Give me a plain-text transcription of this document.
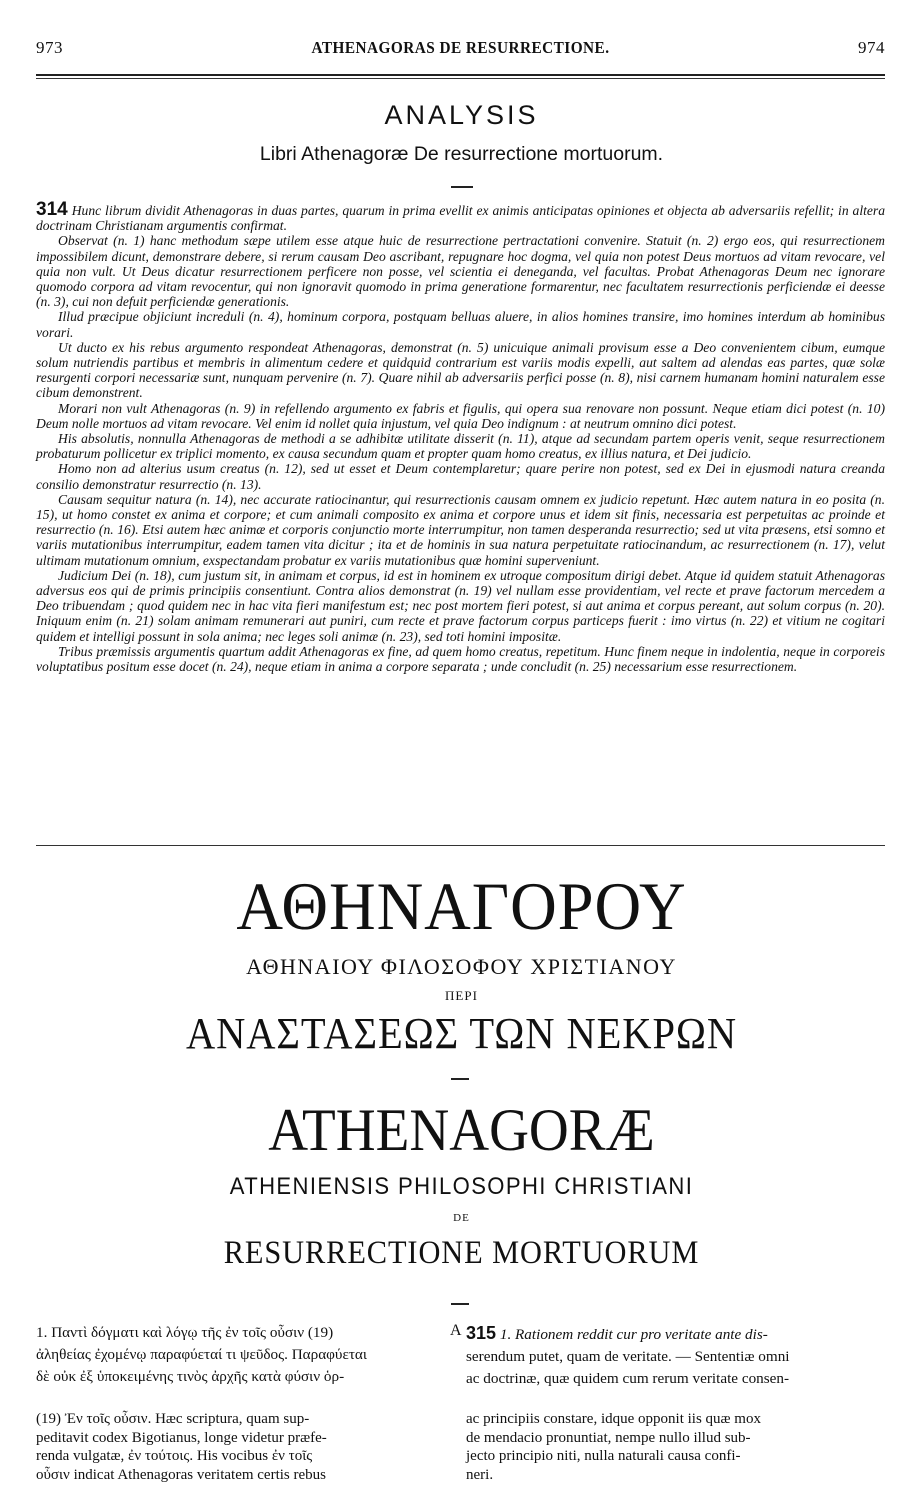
973	ATHENAGORAS DE RESURRECTIONE.	974
ANALYSIS
Libri Athenagoræ De resurrectione mortuorum.

314 Hunc librum dividit Athenagoras in duas partes, quarum in prima evellit ex animis anticipatas opiniones et objecta ab adversariis refellit; in altera doctrinam Christianam argumentis confirmat.

Observat (n. 1) hanc methodum sæpe utilem esse atque huic de resurrectione pertractationi convenire. Statuit (n. 2) ergo eos, qui resurrectionem impossibilem dicunt, demonstrare debere, si rerum causam Deo ascribant, repugnare hoc dogma, vel quia non potest Deus mortuos ad vitam revocare, vel quia non vult. Ut Deus dicatur resurrectionem perficere non posse, vel scientia ei deneganda, vel facultas. Probat Athenagoras Deum nec ignorare quomodo corpora ad vitam revocentur, qui non ignoravit quomodo in prima generatione formarentur, nec facultatem resurrectionis perficiendæ ei deesse (n. 3), cui non defuit perficiendæ generationis.

Illud præcipue objiciunt increduli (n. 4), hominum corpora, postquam belluas aluere, in alios homines transire, imo homines interdum ab hominibus vorari.

Ut ducto ex his rebus argumento respondeat Athenagoras, demonstrat (n. 5) unicuique animali provisum esse a Deo convenientem cibum, eumque solum nutriendis partibus et membris in alimentum cedere et quidquid contrarium est variis modis expelli, aut saltem ad alendas eas partes, quæ solæ resurgenti corpori necessariæ sunt, nunquam pervenire (n. 7). Quare nihil ab adversariis perfici posse (n. 8), nisi carnem humanam homini naturalem esse cibum demonstrent.

Morari non vult Athenagoras (n. 9) in refellendo argumento ex fabris et figulis, qui opera sua renovare non possunt. Neque etiam dici potest (n. 10) Deum nolle mortuos ad vitam revocare. Vel enim id nollet quia injustum, vel quia Deo indignum : at neutrum omnino dici potest.

His absolutis, nonnulla Athenagoras de methodi a se adhibitæ utilitate disserit (n. 11), atque ad secundam partem operis venit, seque resurrectionem probaturum pollicetur ex triplici momento, ex causa secundum quam et propter quam homo creatus, ex illius natura, et Dei judicio.

Homo non ad alterius usum creatus (n. 12), sed ut esset et Deum contemplaretur; quare perire non potest, sed ex Dei in ejusmodi natura creanda consilio demonstratur resurrectio (n. 13).

Causam sequitur natura (n. 14), nec accurate ratiocinantur, qui resurrectionis causam omnem ex judicio repetunt. Hæc autem natura in eo posita (n. 15), ut homo constet ex anima et corpore; et cum animali composito ex anima et corpore unus et idem sit finis, necessaria est perpetuitas ac proinde et resurrectio (n. 16). Etsi autem hæc animæ et corporis conjunctio morte interrumpitur, non tamen desperanda resurrectio; sed ut vita præsens, etsi somno et variis mutationibus interrumpitur, eadem tamen vita dicitur ; ita et de hominis in sua natura perpetuitate ratiocinandum, ac resurrectionem (n. 17), velut ultimam mutationum omnium, exspectandam probatur ex variis mutationibus quæ homini superveniunt.

Judicium Dei (n. 18), cum justum sit, in animam et corpus, id est in hominem ex utroque compositum dirigi debet. Atque id quidem statuit Athenagoras adversus eos qui de primis principiis consentiunt. Contra alios demonstrat (n. 19) vel nullam esse providentiam, vel recte et prave factorum mercedem a Deo tribuendam ; quod quidem nec in hac vita fieri manifestum est; nec post mortem fieri potest, si aut anima et corpus pereant, aut solum corpus (n. 20). Iniquum enim (n. 21) solam animam remunerari aut puniri, cum recte et prave factorum corpus particeps fuerit : imo virtus (n. 22) et vitium ne cogitari quidem et intelligi possunt in sola anima; nec leges soli animæ (n. 23), sed toti homini impositæ.

Tribus præmissis argumentis quartum addit Athenagoras ex fine, ad quem homo creatus, repetitum. Hunc finem neque in indolentia, neque in corporeis voluptatibus positum esse docet (n. 24), neque etiam in anima a corpore separata ; unde concludit (n. 25) necessarium esse resurrectionem.

ΑΘΗΝΑΓΟΡΟΥ
ΑΘΗΝΑΙΟΥ ΦΙΛΟΣΟΦΟΥ ΧΡΙΣΤΙΑΝΟΥ
ΠΕΡΙ
ΑΝΑΣΤΑΣΕΩΣ ΤΩΝ ΝΕΚΡΩΝ
ATHENAGORÆ
ATHENIENSIS PHILOSOPHI CHRISTIANI
DE
RESURRECTIONE MORTUORUM
1. Παντὶ δόγματι καὶ λόγῳ τῆς ἐν τοῖς οὖσιν (19)
ἀληθείας ἐχομένῳ παραφύεταί τι ψεῦδος. Παραφύεται
δὲ οὐκ ἐξ ὑποκειμένης τινὸς ἀρχῆς κατὰ φύσιν ὁρ-
A 315 1. Rationem reddit cur pro veritate ante dis-
serendum putet, quam de veritate. — Sententiæ omni
ac doctrinæ, quæ quidem cum rerum veritate consen-
(19) Ἐν τοῖς οὖσιν. Hæc scriptura, quam sup-
peditavit codex Bigotianus, longe videtur præfe-
renda vulgatæ, ἐν τούτοις. His vocibus ἐν τοῖς
οὖσιν indicat Athenagoras veritatem certis rebus
ac principiis constare, idque opponit iis quæ mox
de mendacio pronuntiat, nempe nullo illud sub-
jecto principio niti, nulla naturali causa confi-
neri.
